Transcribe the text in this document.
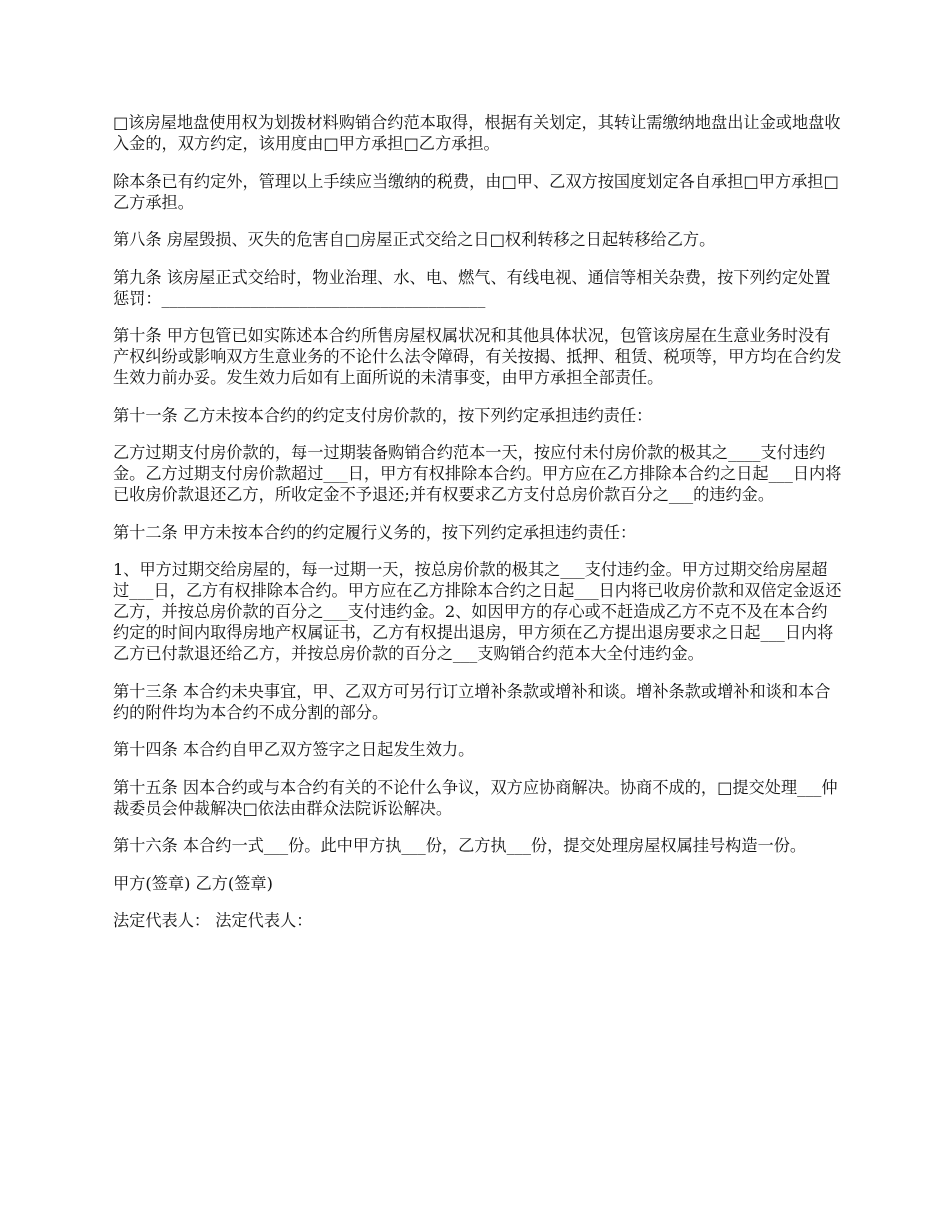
□该房屋地盘使用权为划拨材料购销合约范本取得，根据有关划定，其转让需缴纳地盘出让金或地盘收入金的，双方约定，该用度由□甲方承担□乙方承担。

除本条已有约定外，管理以上手续应当缴纳的税费，由□甲、乙双方按国度划定各自承担□甲方承担□乙方承担。

第八条 房屋毁损、灭失的危害自□房屋正式交给之日□权利转移之日起转移给乙方。

第九条 该房屋正式交给时，物业治理、水、电、燃气、有线电视、通信等相关杂费，按下列约定处置惩罚：________________________________________

第十条 甲方包管已如实陈述本合约所售房屋权属状况和其他具体状况，包管该房屋在生意业务时没有产权纠纷或影响双方生意业务的不论什么法令障碍，有关按揭、抵押、租赁、税项等，甲方均在合约发生效力前办妥。发生效力后如有上面所说的未清事变，由甲方承担全部责任。

第十一条 乙方未按本合约的约定支付房价款的，按下列约定承担违约责任：

乙方过期支付房价款的，每一过期装备购销合约范本一天，按应付未付房价款的极其之____支付违约金。乙方过期支付房价款超过___日，甲方有权排除本合约。甲方应在乙方排除本合约之日起___日内将已收房价款退还乙方，所收定金不予退还;并有权要求乙方支付总房价款百分之___的违约金。

第十二条 甲方未按本合约的约定履行义务的，按下列约定承担违约责任：

1、甲方过期交给房屋的，每一过期一天，按总房价款的极其之___支付违约金。甲方过期交给房屋超过___日，乙方有权排除本合约。甲方应在乙方排除本合约之日起___日内将已收房价款和双倍定金返还乙方，并按总房价款的百分之___支付违约金。2、如因甲方的存心或不赶造成乙方不克不及在本合约约定的时间内取得房地产权属证书，乙方有权提出退房，甲方须在乙方提出退房要求之日起___日内将乙方已付款退还给乙方，并按总房价款的百分之___支购销合约范本大全付违约金。

第十三条 本合约未央事宜，甲、乙双方可另行订立增补条款或增补和谈。增补条款或增补和谈和本合约的附件均为本合约不成分割的部分。

第十四条 本合约自甲乙双方签字之日起发生效力。

第十五条 因本合约或与本合约有关的不论什么争议，双方应协商解决。协商不成的，□提交处理___仲裁委员会仲裁解决□依法由群众法院诉讼解决。

第十六条 本合约一式___份。此中甲方执___份，乙方执___份，提交处理房屋权属挂号构造一份。

甲方(签章) 乙方(签章)

法定代表人： 法定代表人：
